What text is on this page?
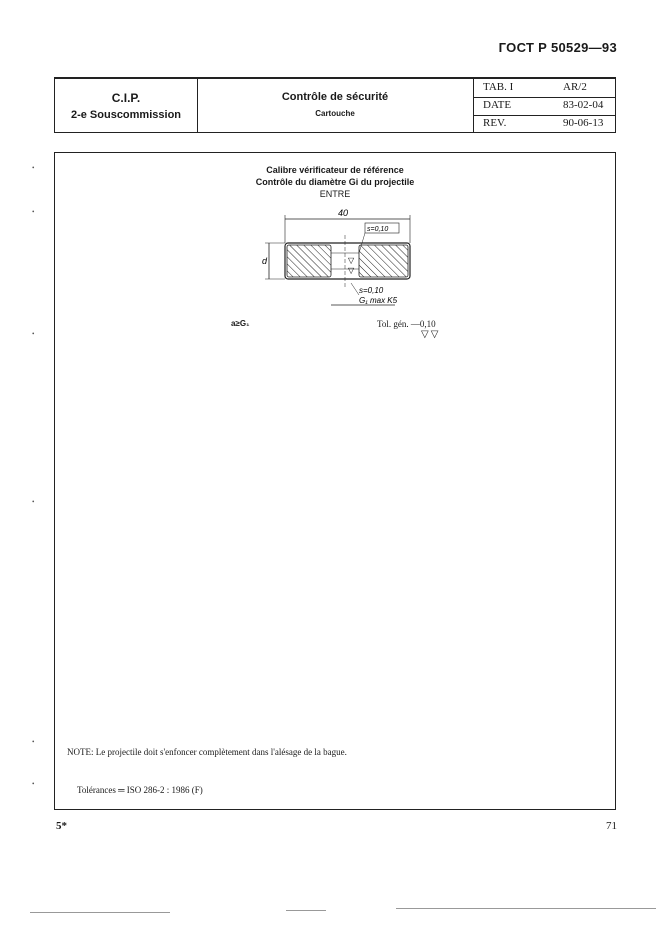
ГОСТ Р 50529—93
C.I.P.
2-e Souscommission
Contrôle de sécurité
Cartouche
TAB. I	AR/2
DATE	83-02-04
REV.	90-06-13
Calibre vérificateur de référence
Contrôle du diamètre Gi du projectile
ENTRE
40
d
s=0,10
▽
▽
s=0,10
G₁ max K5
a≥G₁	Tol. gén. —0,10
▽▽
NOTE: Le projectile doit s'enfoncer complètement dans l'alésage de la bague.
Tolérances ═ ISO 286-2 : 1986 (F)
5*	71
•
•
•
•
•
•
